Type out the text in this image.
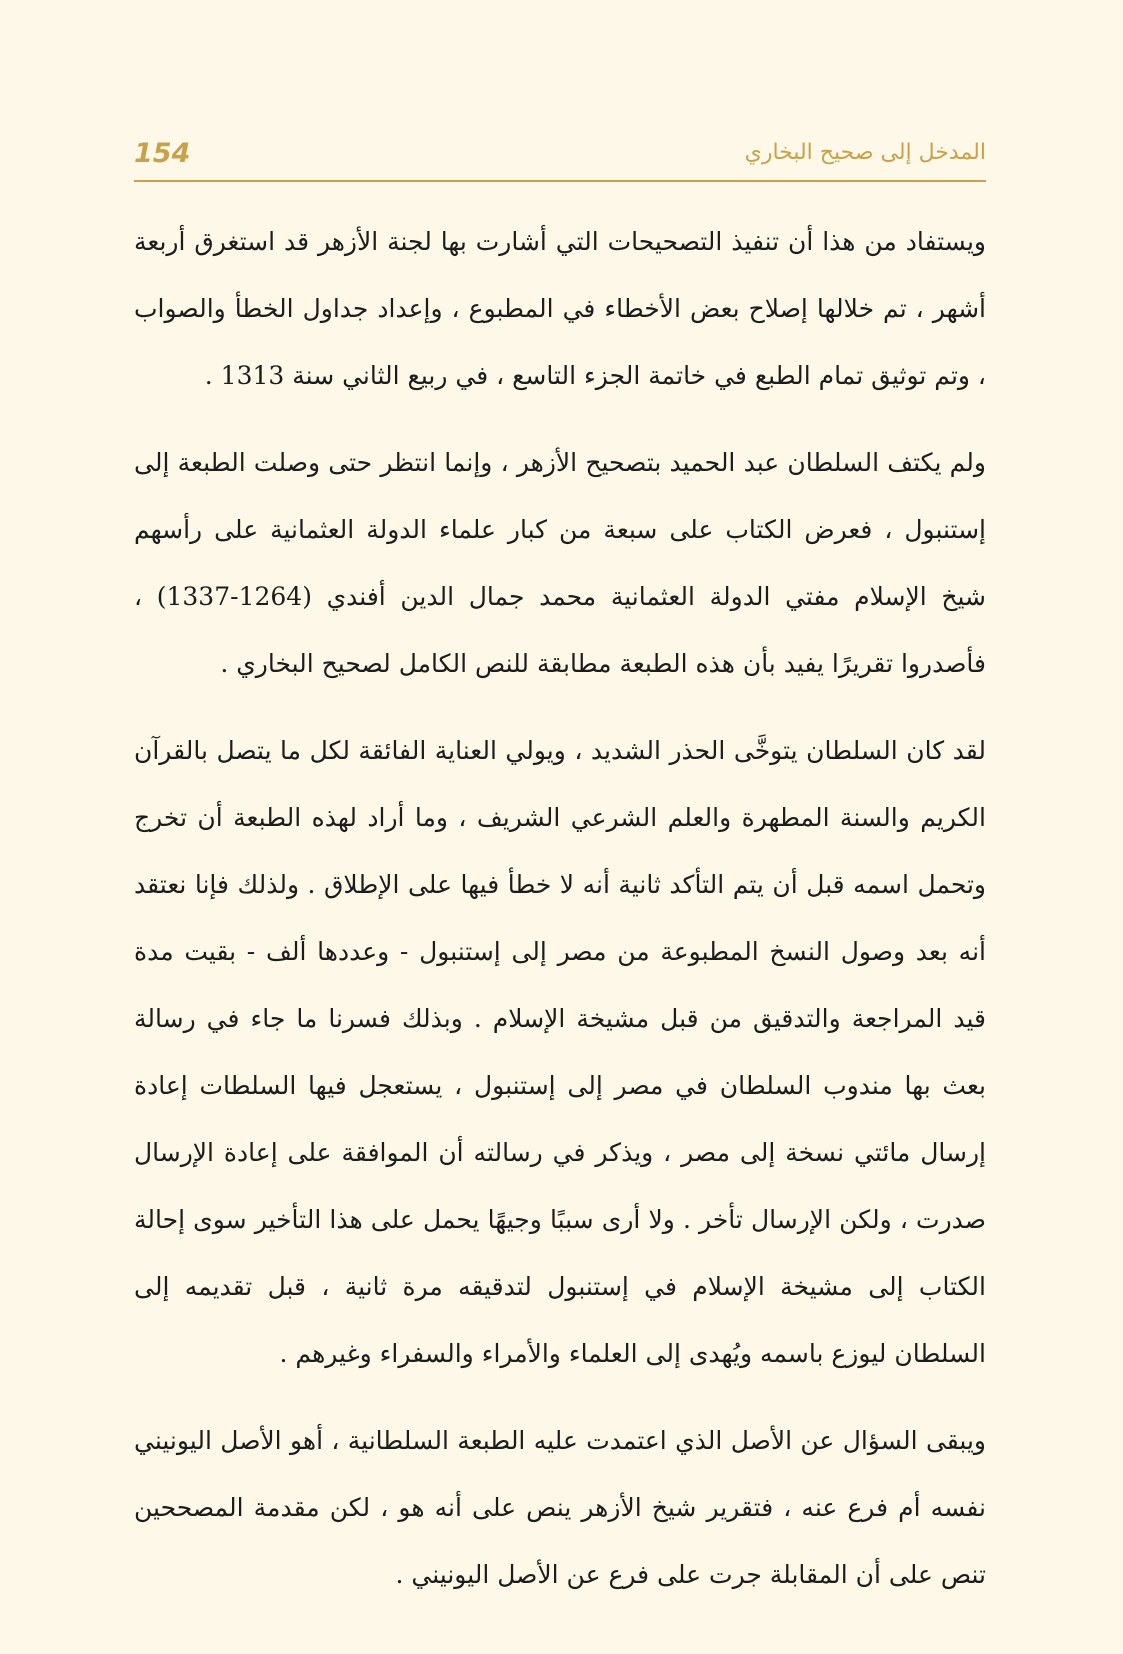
154	المدخل إلى صحيح البخاري

ويستفاد من هذا أن تنفيذ التصحيحات التي أشارت بها لجنة الأزهر قد استغرق أربعة أشهر ، تم خلالها إصلاح بعض الأخطاء في المطبوع ، وإعداد جداول الخطأ والصواب ، وتم توثيق تمام الطبع في خاتمة الجزء التاسع ، في ربيع الثاني سنة 1313 .

ولم يكتف السلطان عبد الحميد بتصحيح الأزهر ، وإنما انتظر حتى وصلت الطبعة إلى إستنبول ، فعرض الكتاب على سبعة من كبار علماء الدولة العثمانية على رأسهم شيخ الإسلام مفتي الدولة العثمانية محمد جمال الدين أفندي (1264-1337) ، فأصدروا تقريرًا يفيد بأن هذه الطبعة مطابقة للنص الكامل لصحيح البخاري .

لقد كان السلطان يتوخَّى الحذر الشديد ، ويولي العناية الفائقة لكل ما يتصل بالقرآن الكريم والسنة المطهرة والعلم الشرعي الشريف ، وما أراد لهذه الطبعة أن تخرج وتحمل اسمه قبل أن يتم التأكد ثانية أنه لا خطأ فيها على الإطلاق . ولذلك فإنا نعتقد أنه بعد وصول النسخ المطبوعة من مصر إلى إستنبول - وعددها ألف - بقيت مدة قيد المراجعة والتدقيق من قبل مشيخة الإسلام . وبذلك فسرنا ما جاء في رسالة بعث بها مندوب السلطان في مصر إلى إستنبول ، يستعجل فيها السلطات إعادة إرسال مائتي نسخة إلى مصر ، ويذكر في رسالته أن الموافقة على إعادة الإرسال صدرت ، ولكن الإرسال تأخر . ولا أرى سببًا وجيهًا يحمل على هذا التأخير سوى إحالة الكتاب إلى مشيخة الإسلام في إستنبول لتدقيقه مرة ثانية ، قبل تقديمه إلى السلطان ليوزع باسمه ويُهدى إلى العلماء والأمراء والسفراء وغيرهم .

ويبقى السؤال عن الأصل الذي اعتمدت عليه الطبعة السلطانية ، أهو الأصل اليونيني نفسه أم فرع عنه ، فتقرير شيخ الأزهر ينص على أنه هو ، لكن مقدمة المصححين تنص على أن المقابلة جرت على فرع عن الأصل اليونيني .
